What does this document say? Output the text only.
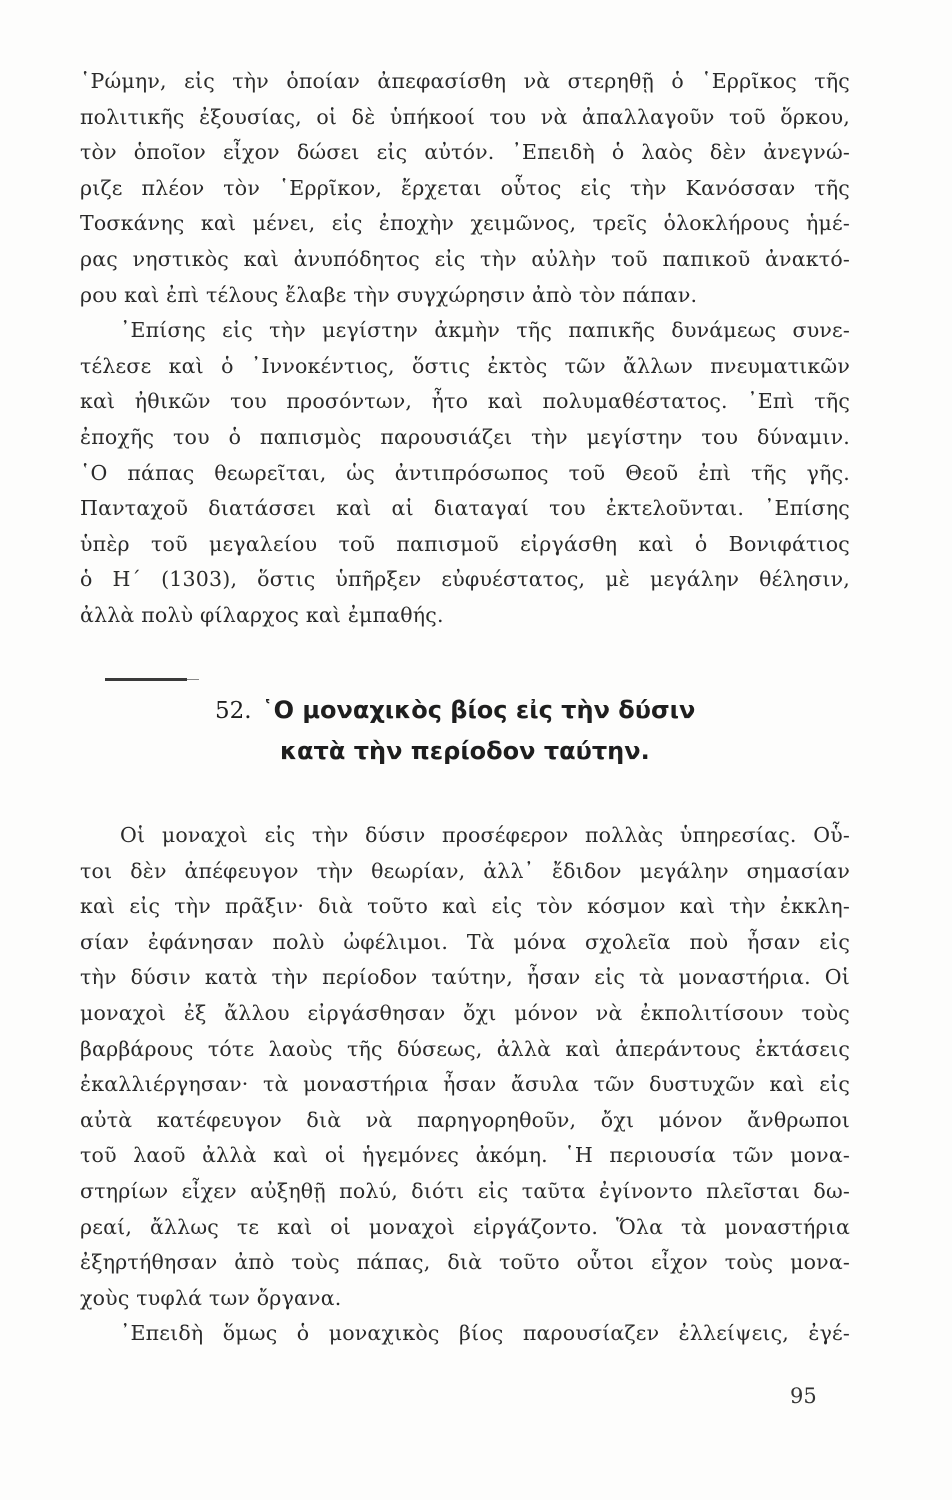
῾Ρώμην, εἰς τὴν ὁποίαν ἀπεφασίσθη νὰ στερηθῇ ὁ ῾Ερρῖκος τῆς
πολιτικῆς ἐξουσίας, οἱ δὲ ὑπήκοοί του νὰ ἀπαλλαγοῦν τοῦ ὅρκου,
τὸν ὁποῖον εἶχον δώσει εἰς αὐτόν. ᾿Επειδὴ ὁ λαὸς δὲν ἀνεγνώ-
ριζε πλέον τὸν ῾Ερρῖκον, ἔρχεται οὗτος εἰς τὴν Κανόσσαν τῆς
Τοσκάνης καὶ μένει, εἰς ἐποχὴν χειμῶνος, τρεῖς ὁλοκλήρους ἡμέ-
ρας νηστικὸς καὶ ἀνυπόδητος εἰς τὴν αὐλὴν τοῦ παπικοῦ ἀνακτό-
ρου καὶ ἐπὶ τέλους ἔλαβε τὴν συγχώρησιν ἀπὸ τὸν πάπαν.
᾿Επίσης εἰς τὴν μεγίστην ἀκμὴν τῆς παπικῆς δυνάμεως συνε-
τέλεσε καὶ ὁ ᾿Ιννοκέντιος, ὅστις ἐκτὸς τῶν ἄλλων πνευματικῶν
καὶ ἠθικῶν του προσόντων, ἦτο καὶ πολυμαθέστατος. ᾿Επὶ τῆς
ἐποχῆς του ὁ παπισμὸς παρουσιάζει τὴν μεγίστην του δύναμιν.
῾Ο πάπας θεωρεῖται, ὡς ἀντιπρόσωπος τοῦ Θεοῦ ἐπὶ τῆς γῆς.
Πανταχοῦ διατάσσει καὶ αἱ διαταγαί του ἐκτελοῦνται. ᾿Επίσης
ὑπὲρ τοῦ μεγαλείου τοῦ παπισμοῦ εἰργάσθη καὶ ὁ Βονιφάτιος
ὁ Η΄ (1303), ὅστις ὑπῆρξεν εὐφυέστατος, μὲ μεγάλην θέλησιν,
ἀλλὰ πολὺ φίλαρχος καὶ ἐμπαθής.
52. ῾Ο μοναχικὸς βίος εἰς τὴν δύσιν
κατὰ τὴν περίοδον ταύτην.
Οἱ μοναχοὶ εἰς τὴν δύσιν προσέφερον πολλὰς ὑπηρεσίας. Οὗ-
τοι δὲν ἀπέφευγον τὴν θεωρίαν, ἀλλ᾿ ἔδιδον μεγάλην σημασίαν
καὶ εἰς τὴν πρᾶξιν· διὰ τοῦτο καὶ εἰς τὸν κόσμον καὶ τὴν ἐκκλη-
σίαν ἐφάνησαν πολὺ ὠφέλιμοι. Τὰ μόνα σχολεῖα ποὺ ἦσαν εἰς
τὴν δύσιν κατὰ τὴν περίοδον ταύτην, ἦσαν εἰς τὰ μοναστήρια. Οἱ
μοναχοὶ ἐξ ἄλλου εἰργάσθησαν ὄχι μόνον νὰ ἐκπολιτίσουν τοὺς
βαρβάρους τότε λαοὺς τῆς δύσεως, ἀλλὰ καὶ ἀπεράντους ἐκτάσεις
ἐκαλλιέργησαν· τὰ μοναστήρια ἦσαν ἄσυλα τῶν δυστυχῶν καὶ εἰς
αὐτὰ κατέφευγον διὰ νὰ παρηγορηθοῦν, ὄχι μόνον ἄνθρωποι
τοῦ λαοῦ ἀλλὰ καὶ οἱ ἡγεμόνες ἀκόμη. ῾Η περιουσία τῶν μονα-
στηρίων εἶχεν αὐξηθῇ πολύ, διότι εἰς ταῦτα ἐγίνοντο πλεῖσται δω-
ρεαί, ἄλλως τε καὶ οἱ μοναχοὶ εἰργάζοντο. Ὅλα τὰ μοναστήρια
ἐξηρτήθησαν ἀπὸ τοὺς πάπας, διὰ τοῦτο οὗτοι εἶχον τοὺς μονα-
χοὺς τυφλά των ὄργανα.
᾿Επειδὴ ὅμως ὁ μοναχικὸς βίος παρουσίαζεν ἐλλείψεις, ἐγέ-
95
